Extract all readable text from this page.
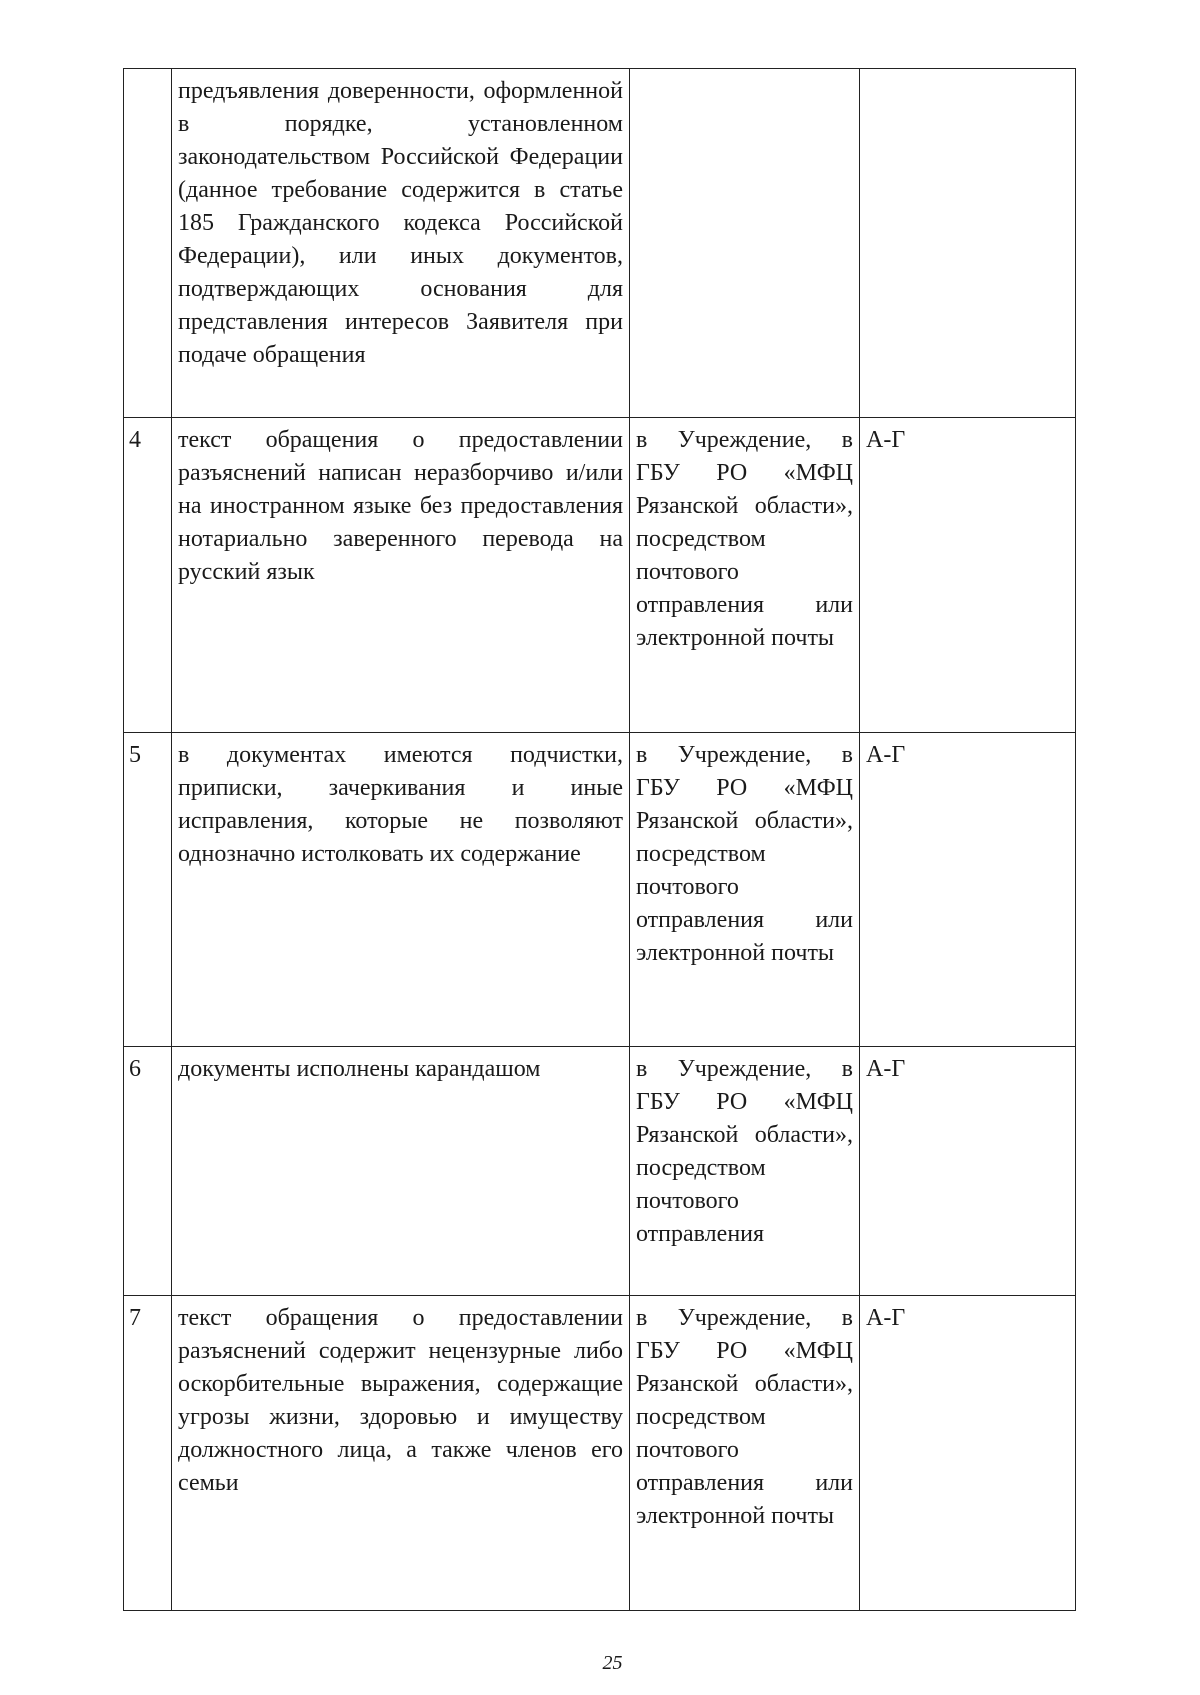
	предъявления доверенности, оформленной в порядке, установленном законодательством Российской Федерации (данное требование содержится в статье 185 Гражданского кодекса Российской Федерации), или иных документов, подтверждающих основания для представления интересов Заявителя при подаче обращения		
4	текст обращения о предоставлении разъяснений написан неразборчиво и/или на иностранном языке без предоставления нотариально заверенного перевода на русский язык	в Учреждение, в ГБУ РО «МФЦ Рязанской области», посредством почтового отправления или электронной почты	А-Г
5	в документах имеются подчистки, приписки, зачеркивания и иные исправления, которые не позволяют однозначно истолковать их содержание	в Учреждение, в ГБУ РО «МФЦ Рязанской области», посредством почтового отправления или электронной почты	А-Г
6	документы исполнены карандашом	в Учреждение, в ГБУ РО «МФЦ Рязанской области», посредством почтового отправления	А-Г
7	текст обращения о предоставлении разъяснений содержит нецензурные либо оскорбительные выражения, содержащие угрозы жизни, здоровью и имуществу должностного лица, а также членов его семьи	в Учреждение, в ГБУ РО «МФЦ Рязанской области», посредством почтового отправления или электронной почты	А-Г
25
